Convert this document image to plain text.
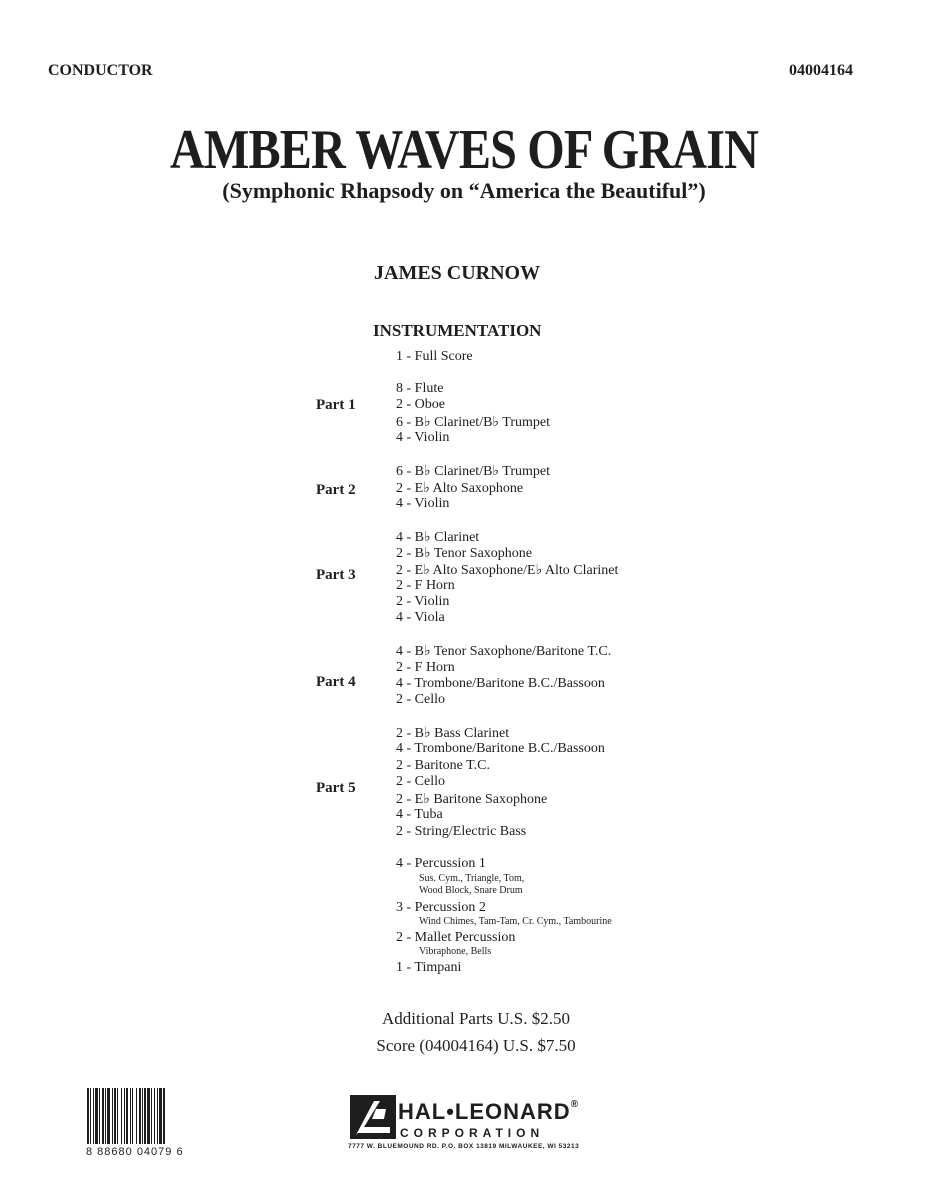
CONDUCTOR	04004164
AMBER WAVES OF GRAIN
(Symphonic Rhapsody on “America the Beautiful”)
JAMES CURNOW
INSTRUMENTATION
1 - Full Score
Part 1
8 - Flute
2 - Oboe
6 - B♭ Clarinet/B♭ Trumpet
4 - Violin
Part 2
6 - B♭ Clarinet/B♭ Trumpet
2 - E♭ Alto Saxophone
4 - Violin
Part 3
4 - B♭ Clarinet
2 - B♭ Tenor Saxophone
2 - E♭ Alto Saxophone/E♭ Alto Clarinet
2 - F Horn
2 - Violin
4 - Viola
Part 4
4 - B♭ Tenor Saxophone/Baritone T.C.
2 - F Horn
4 - Trombone/Baritone B.C./Bassoon
2 - Cello
Part 5
2 - B♭ Bass Clarinet
4 - Trombone/Baritone B.C./Bassoon
2 - Baritone T.C.
2 - Cello
2 - E♭ Baritone Saxophone
4 - Tuba
2 - String/Electric Bass
4 - Percussion 1
Sus. Cym., Triangle, Tom,
Wood Block, Snare Drum
3 - Percussion 2
Wind Chimes, Tam-Tam, Cr. Cym., Tambourine
2 - Mallet Percussion
Vibraphone, Bells
1 - Timpani
Additional Parts U.S. $2.50
Score (04004164) U.S. $7.50
8 88680 04079 6
HAL•LEONARD®
CORPORATION
7777 W. BLUEMOUND RD. P.O. BOX 13819 MILWAUKEE, WI 53213
